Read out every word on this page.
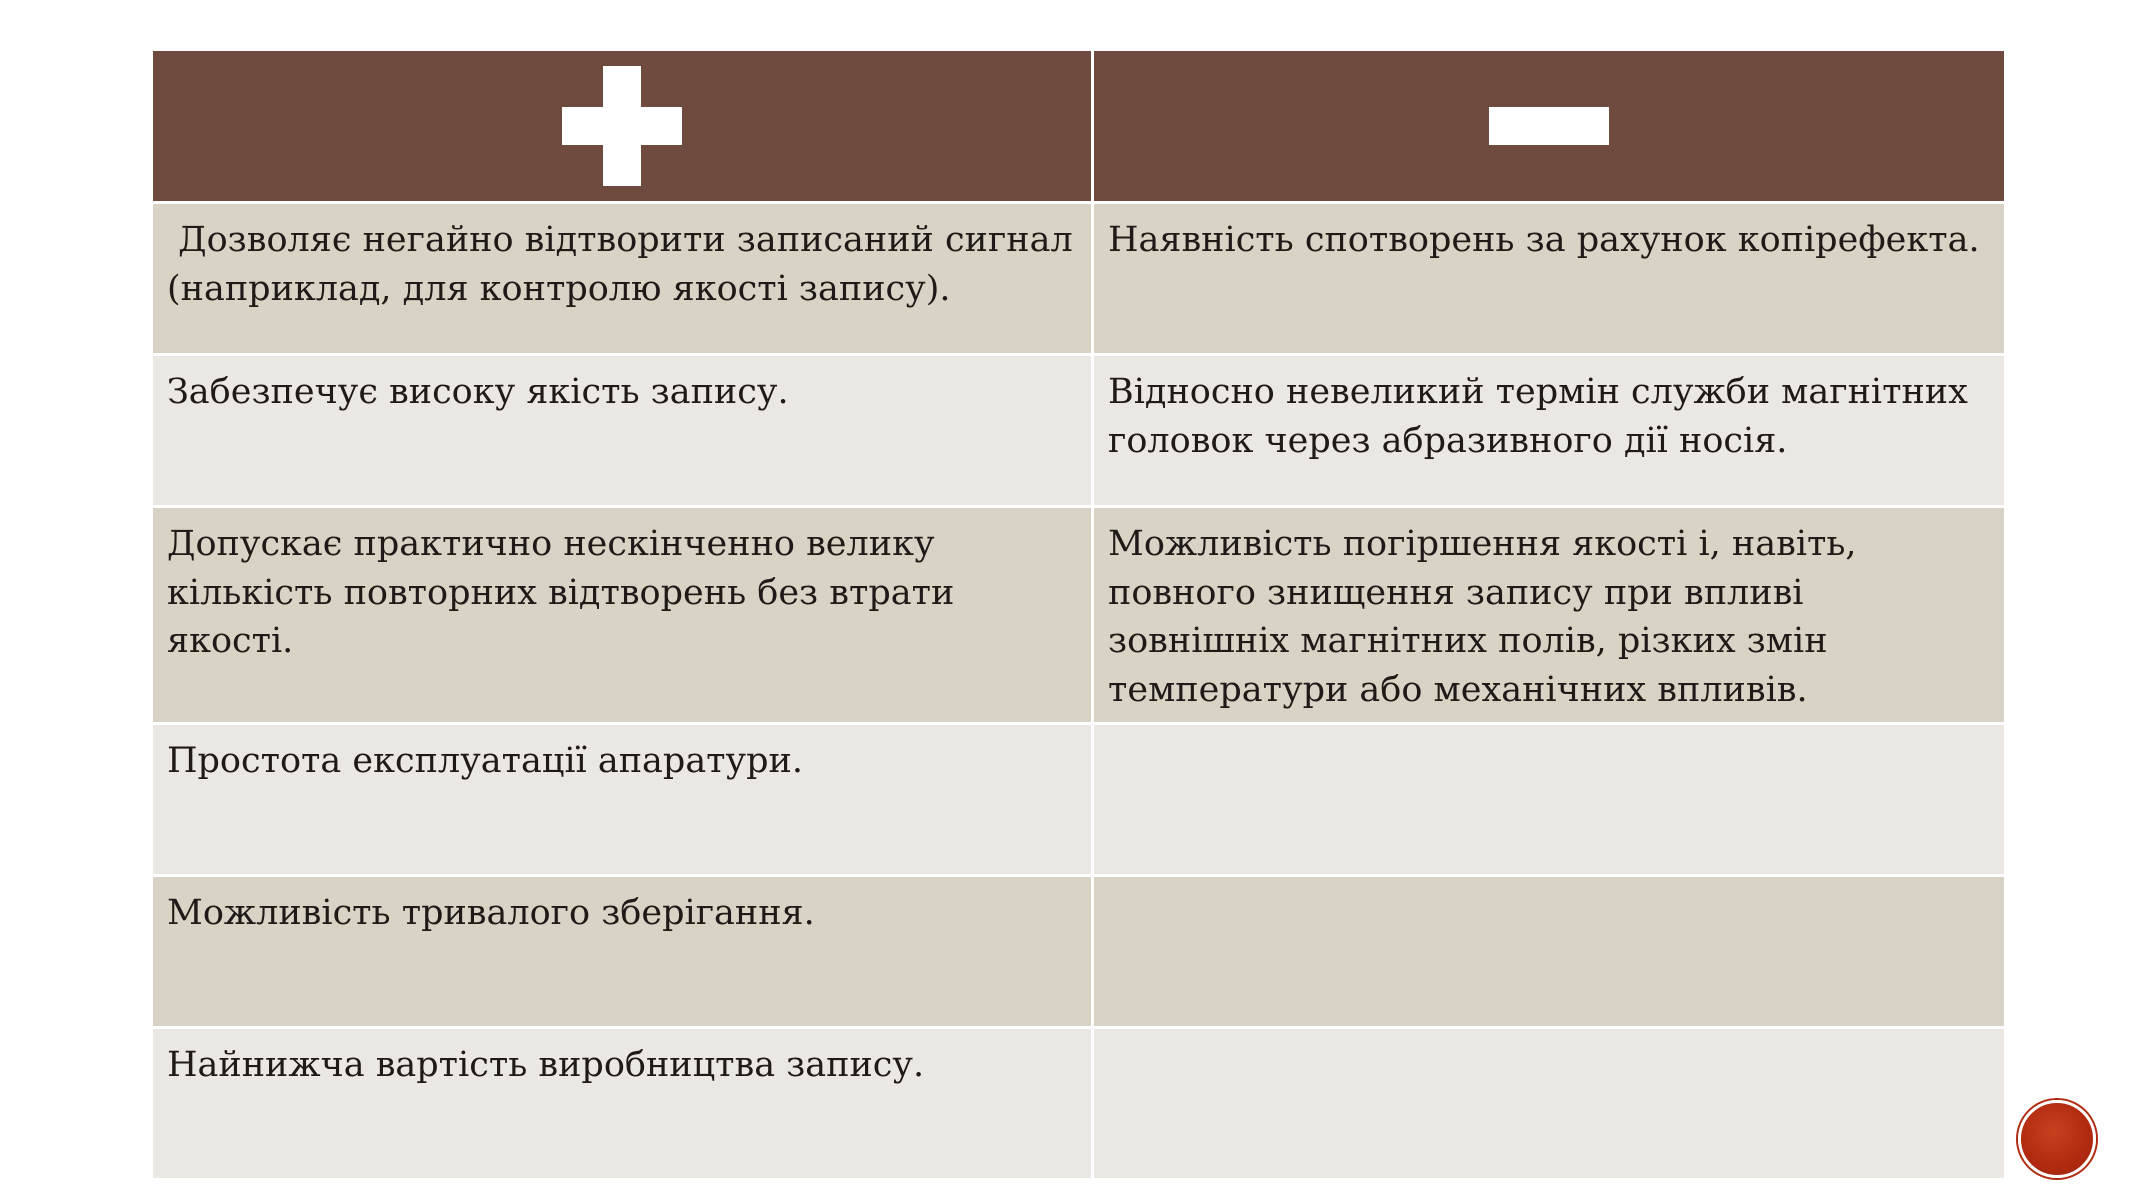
Дозволяє негайно відтворити записаний сигнал (наприклад, для контролю якості запису).	Наявність спотворень за рахунок копірефекта.
Забезпечує високу якість запису.	Відносно невеликий термін служби магнітних головок через абразивного дії носія.
Допускає практично нескінченно велику кількість повторних відтворень без втрати якості.	Можливість погіршення якості і, навіть, повного знищення запису при впливі зовнішніх магнітних полів, різких змін температури або механічних впливів.
Простота експлуатації апаратури.	
Можливість тривалого зберігання.	
Найнижча вартість виробництва запису.	
